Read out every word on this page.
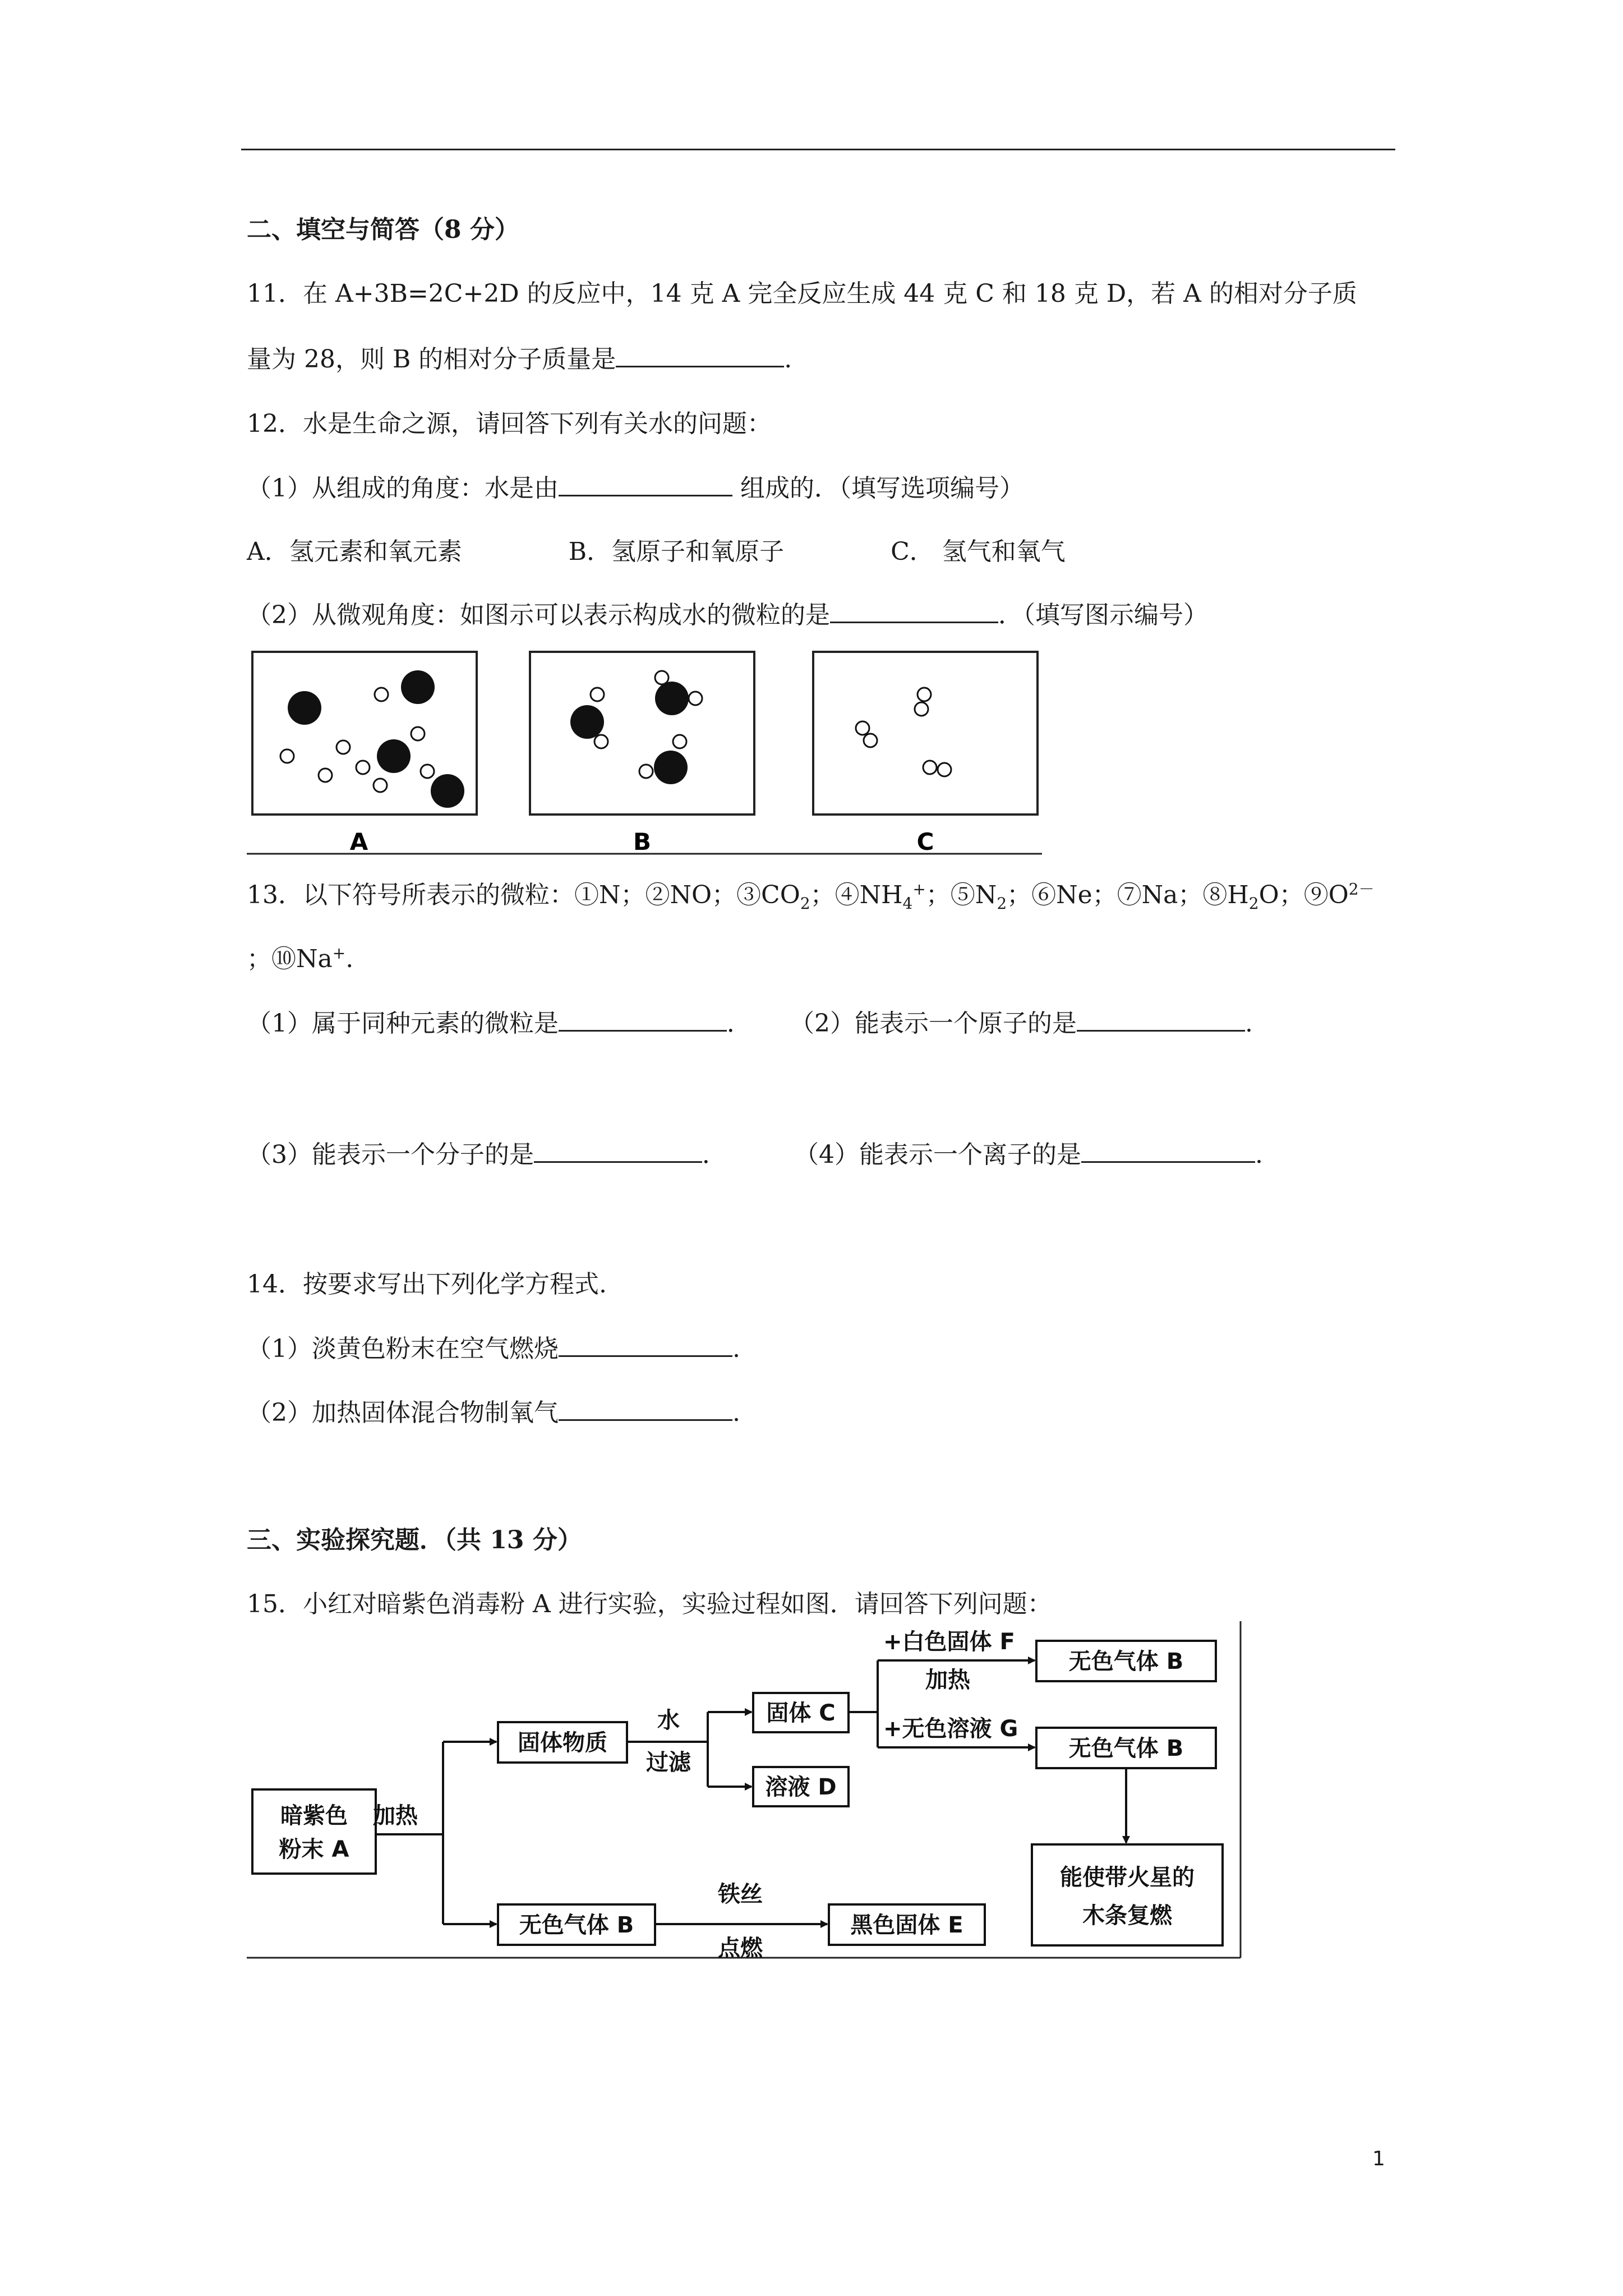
二、填空与简答（8 分）
11．在 A+3B=2C+2D 的反应中，14 克 A 完全反应生成 44 克 C 和 18 克 D，若 A 的相对分子质
量为 28，则 B 的相对分子质量是	.
12．水是生命之源，请回答下列有关水的问题：
（1）从组成的角度：水是由	组成的．（填写选项编号）
A．氢元素和氧元素	B．氢原子和氧原子	C． 氢气和氧气
（2）从微观角度：如图示可以表示构成水的微粒的是	．（填写图示编号）
A	B	C
13．以下符号所表示的微粒：①N；②NO；$③CO_2$；$④NH_4^+$；$⑤N_2$；⑥Ne；⑦Na；$⑧H_2O$；$⑨O^{2-}$
；⑩Na+.
（1）属于同种元素的微粒是	． （2）能表示一个原子的是	.
（3）能表示一个分子的是	．	（4）能表示一个离子的是	.
14．按要求写出下列化学方程式.
（1）淡黄色粉末在空气燃烧	.
（2）加热固体混合物制氧气	.
三、实验探究题．（共 13 分）
15．小红对暗紫色消毒粉 A 进行实验，实验过程如图．请回答下列问题：
暗紫色
粉末 A
加热
固体物质
水
过滤
固体 C
溶液 D
+白色固体 F
加热
+无色溶液 G
无色气体 B
无色气体 B
能使带火星的
木条复燃
无色气体 B
铁丝
点燃
黑色固体 E
1
